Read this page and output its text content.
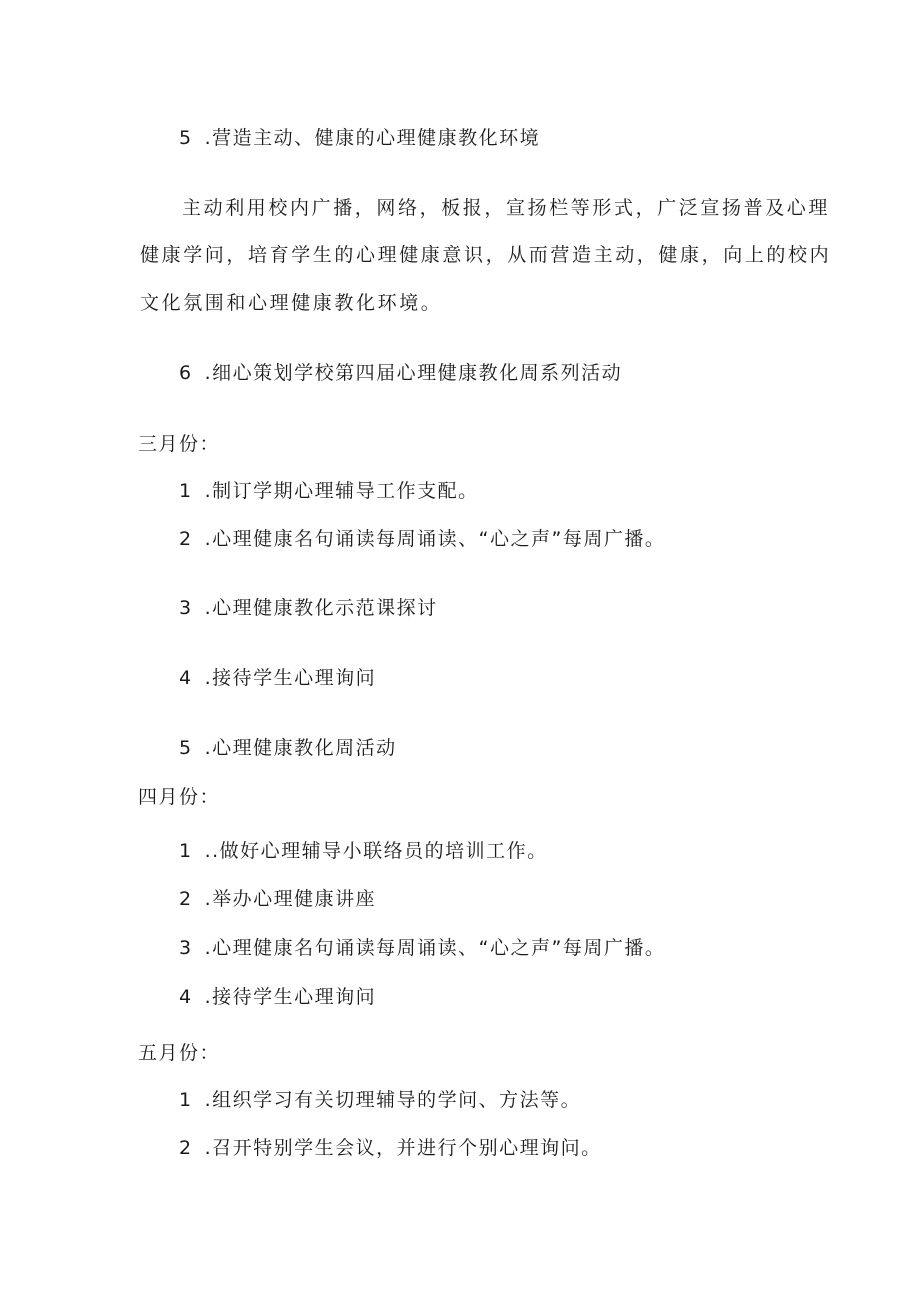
5 .营造主动、健康的心理健康教化环境
主动利用校内广播，网络，板报，宣扬栏等形式，广泛宣扬普及心理
健康学问，培育学生的心理健康意识，从而营造主动，健康，向上的校内
文化氛围和心理健康教化环境。
6 .细心策划学校第四届心理健康教化周系列活动
三月份：
1 .制订学期心理辅导工作支配。
2 .心理健康名句诵读每周诵读、“心之声”每周广播。
3 .心理健康教化示范课探讨
4 .接待学生心理询问
5 .心理健康教化周活动
四月份：
1 ..做好心理辅导小联络员的培训工作。
2 .举办心理健康讲座
3 .心理健康名句诵读每周诵读、“心之声”每周广播。
4 .接待学生心理询问
五月份：
1 .组织学习有关切理辅导的学问、方法等。
2 .召开特别学生会议，并进行个别心理询问。
